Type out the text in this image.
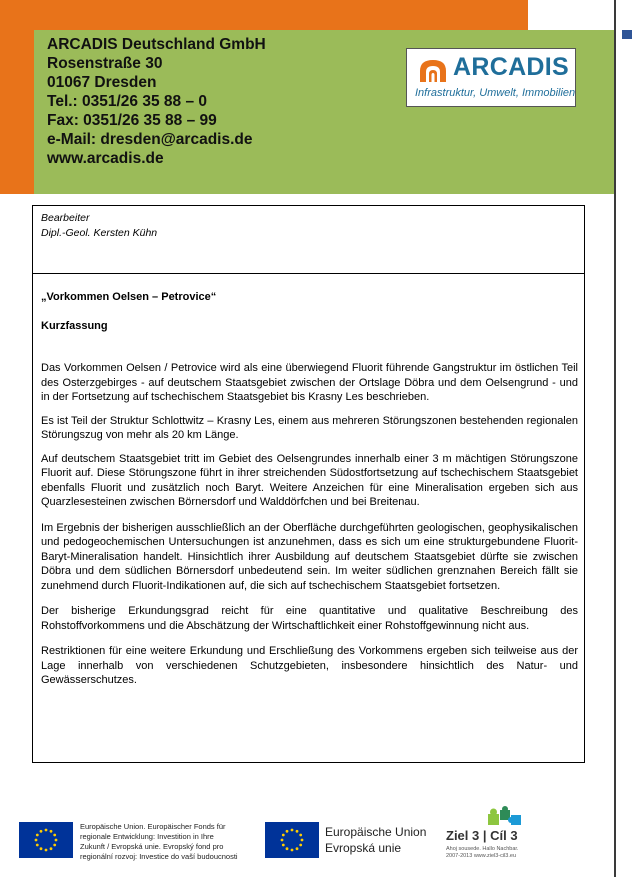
ARCADIS Deutschland GmbH
Rosenstraße 30
01067 Dresden
Tel.: 0351/26 35 88 – 0
Fax: 0351/26 35 88 – 99
e-Mail: dresden@arcadis.de
www.arcadis.de
ARCADIS
Infrastruktur, Umwelt, Immobilien
Bearbeiter
Dipl.-Geol. Kersten Kühn

„Vorkommen Oelsen – Petrovice“

Kurzfassung

Das Vorkommen Oelsen / Petrovice wird als eine überwiegend Fluorit führende Gangstruktur im östlichen Teil des Osterzgebirges - auf deutschem Staatsgebiet zwischen der Ortslage Döbra und dem Oelsengrund - und in der Fortsetzung auf tschechischem Staatsgebiet bis Krasny Les beschrieben.

Es ist Teil der Struktur Schlottwitz – Krasny Les, einem aus mehreren Störungszonen bestehenden regionalen Störungszug von mehr als 20 km Länge.

Auf deutschem Staatsgebiet tritt im Gebiet des Oelsengrundes innerhalb einer 3 m mächtigen Störungszone Fluorit auf. Diese Störungszone führt in ihrer streichenden Südostfortsetzung auf tschechischem Staatsgebiet ebenfalls Fluorit und zusätzlich noch Baryt. Weitere Anzeichen für eine Mineralisation ergeben sich aus Quarzlesesteinen zwischen Börnersdorf und Walddörfchen und bei Breitenau.

Im Ergebnis der bisherigen ausschließlich an der Oberfläche durchgeführten geologischen, geophysikalischen und pedogeochemischen Untersuchungen ist anzunehmen, dass es sich um eine strukturgebundene Fluorit-Baryt-Mineralisation handelt. Hinsichtlich ihrer Ausbildung auf deutschem Staatsgebiet dürfte sie zwischen Döbra und dem südlichen Börnersdorf unbedeutend sein. Im weiter südlichen grenznahen Bereich fällt sie zunehmend durch Fluorit-Indikationen auf, die sich auf tschechischem Staatsgebiet fortsetzen.

Der bisherige Erkundungsgrad reicht für eine quantitative und qualitative Beschreibung des Rohstoffvorkommens und die Abschätzung der Wirtschaftlichkeit einer Rohstoffgewinnung nicht aus.

Restriktionen für eine weitere Erkundung und Erschließung des Vorkommens ergeben sich teilweise aus der Lage innerhalb von verschiedenen Schutzgebieten, insbesondere hinsichtlich des Natur- und Gewässerschutzes.

Europäische Union. Europäischer Fonds für
regionale Entwicklung: Investition in Ihre
Zukunft / Evropská unie. Evropský fond pro
regionální rozvoj: Investice do vaší budoucnosti
Europäische Union
Evropská unie
Ziel 3 | Cíl 3
Ahoj sousede. Hallo Nachbar.
2007-2013 www.ziel3-cil3.eu
